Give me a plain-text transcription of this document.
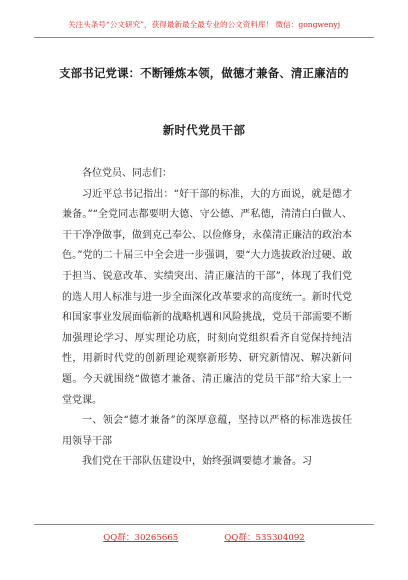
关注头条号“公文研究”，获得最新最全最专业的公文资料库！ 微信：gongwenyj
支部书记党课：不断锤炼本领，做德才兼备、清正廉洁的
新时代党员干部

各位党员、同志们：

习近平总书记指出：“好干部的标准，大的方面说，就是德才兼备。”“全党同志都要明大德、守公德、严私德，清清白白做人、干干净净做事，做到克己奉公、以俭修身，永葆清正廉洁的政治本色。”党的二十届三中全会进一步强调，要“大力选拔政治过硬、敢于担当、锐意改革、实绩突出、清正廉洁的干部”，体现了我们党的选人用人标准与进一步全面深化改革要求的高度统一。新时代党和国家事业发展面临新的战略机遇和风险挑战，党员干部需要不断加强理论学习、厚实理论功底，时刻向党组织看齐自觉保持纯洁性，用新时代党的创新理论观察新形势、研究新情况、解决新问题。今天就围绕“做德才兼备、清正廉洁的党员干部”给大家上一堂党课。

一、领会“德才兼备”的深厚意蕴，坚持以严格的标准选拔任用领导干部

我们党在干部队伍建设中，始终强调要德才兼备。习

QQ群：30265665	QQ群：535304092
